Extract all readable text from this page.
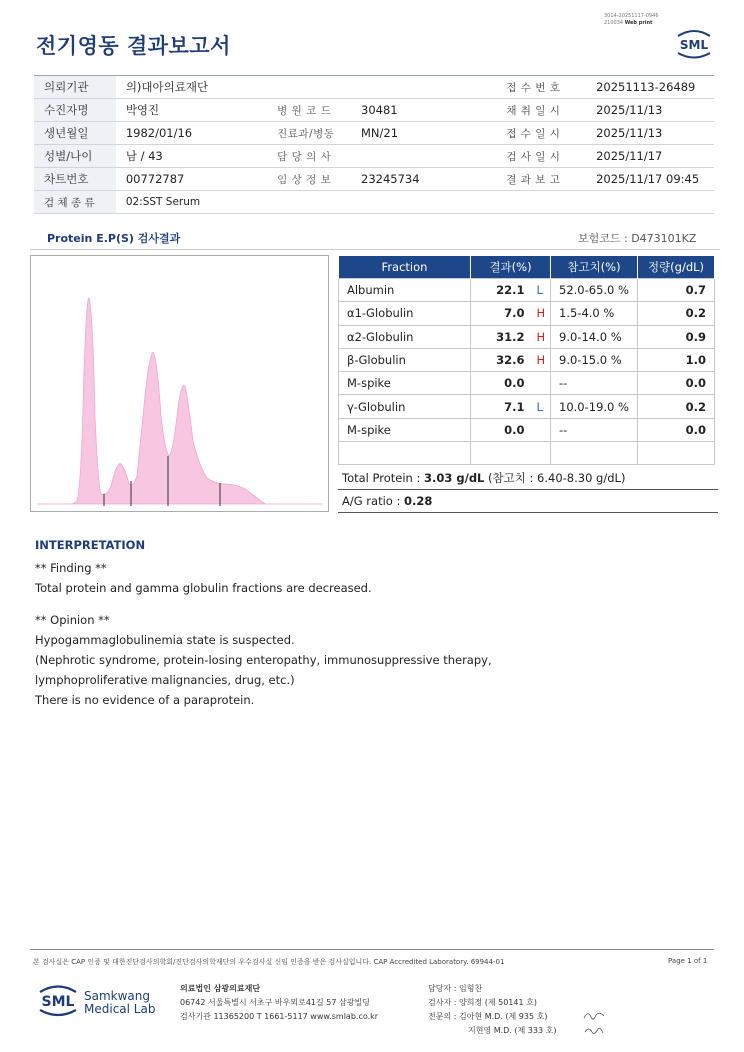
전기영동 결과보고서
3014-20251117-0946
210034 Web print
SML
의뢰기관	의)대아의료재단			접 수 번 호	20251113-26489
수진자명	박영진	병 원 코 드	30481	채 취 일 시	2025/11/13
생년월일	1982/01/16	진료과/병동	MN/21	접 수 일 시	2025/11/13
성별/나이	남 / 43	담 당 의 사		검 사 일 시	2025/11/17
차트번호	00772787	임 상 정 보	23245734	결 과 보 고	2025/11/17 09:45
검 체 종 류	02:SST Serum				
Protein E.P(S) 검사결과	보험코드 : D473101KZ
Fraction	결과(%)		참고치(%)	정량(g/dL)
Albumin	22.1	L	52.0-65.0 %	0.7
α1-Globulin	7.0	H	1.5-4.0 %	0.2
α2-Globulin	31.2	H	9.0-14.0 %	0.9
β-Globulin	32.6	H	9.0-15.0 %	1.0
M-spike	0.0		--	0.0
γ-Globulin	7.1	L	10.0-19.0 %	0.2
M-spike	0.0		--	0.0

Total Protein : 3.03 g/dL (참고치 : 6.40-8.30 g/dL)
A/G ratio : 0.28
INTERPRETATION
** Finding **
Total protein and gamma globulin fractions are decreased.
** Opinion **
Hypogammaglobulinemia state is suspected.
(Nephrotic syndrome, protein-losing enteropathy, immunosuppressive therapy,
lymphoproliferative malignancies, drug, etc.)
There is no evidence of a paraprotein.
본 검사실은 CAP 인증 및 대한진단검사의학회/진단검사의학재단의 우수검사실 신임 인증을 받은 검사실입니다. CAP Accredited Laboratory. 69944-01	Page 1 of 1
SML Samkwang
Medical Lab
의료법인 삼광의료재단
06742 서울특별시 서초구 바우뫼로41길 57 삼광빌딩
검사기관 11365200 T 1661-5117 www.smlab.co.kr
담당자 : 임형찬
검사자 : 양희정 (제 50141 호)
전문의 : 김아현 M.D. (제 935 호)
지현영 M.D. (제 333 호)
